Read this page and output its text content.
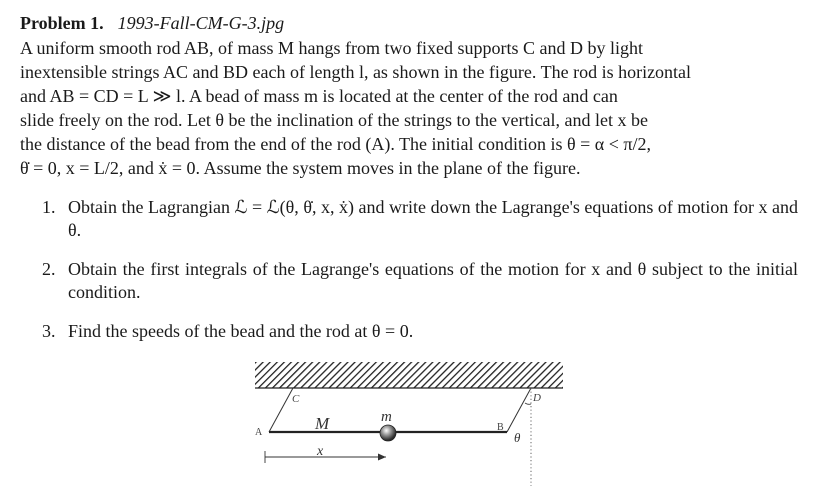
Problem 1. 1993-Fall-CM-G-3.jpg

A uniform smooth rod AB, of mass M hangs from two fixed supports C and D by light

inextensible strings AC and BD each of length l, as shown in the figure. The rod is horizontal

and AB = CD = L ≫ l. A bead of mass m is located at the center of the rod and can

slide freely on the rod. Let θ be the inclination of the strings to the vertical, and let x be

the distance of the bead from the end of the rod (A). The initial condition is θ = α < π/2,

θ̇ = 0, x = L/2, and ẋ = 0. Assume the system moves in the plane of the figure.

1. Obtain the Lagrangian ℒ = ℒ(θ, θ̇, x, ẋ) and write down the Lagrange's equations of motion for x and θ.
2. Obtain the first integrals of the Lagrange's equations of the motion for x and θ subject to the initial condition.
3. Find the speeds of the bead and the rod at θ = 0.
A	B
C	D
M	m
x
θ
